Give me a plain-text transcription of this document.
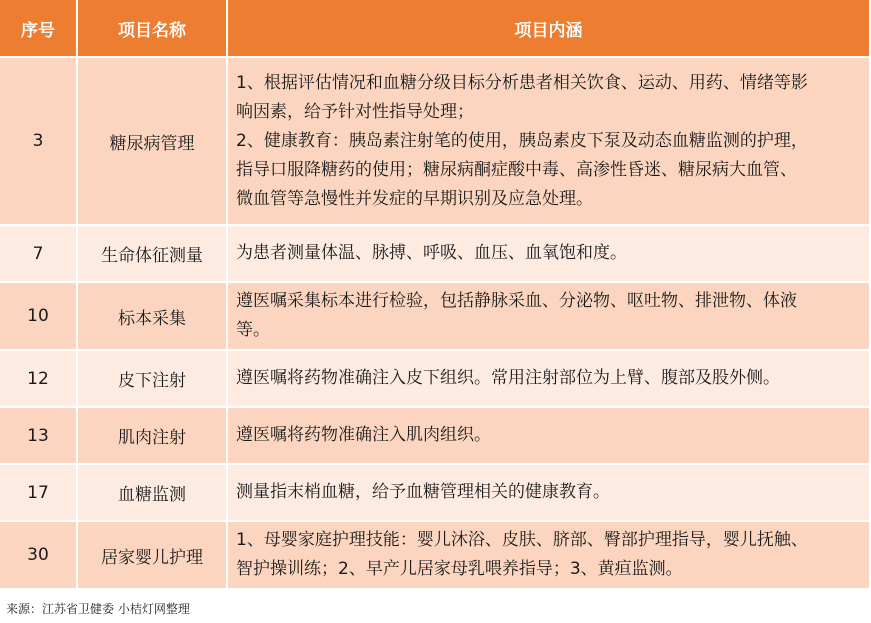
序号	项目名称	项目内涵
3	糖尿病管理	1、根据评估情况和血糖分级目标分析患者相关饮食、运动、用药、情绪等影
响因素，给予针对性指导处理；
2、健康教育：胰岛素注射笔的使用，胰岛素皮下泵及动态血糖监测的护理，
指导口服降糖药的使用；糖尿病酮症酸中毒、高渗性昏迷、糖尿病大血管、
微血管等急慢性并发症的早期识别及应急处理。

7	生命体征测量	为患者测量体温、脉搏、呼吸、血压、血氧饱和度。

10	标本采集	遵医嘱采集标本进行检验，包括静脉采血、分泌物、呕吐物、排泄物、体液
等。

12	皮下注射	遵医嘱将药物准确注入皮下组织。常用注射部位为上臂、腹部及股外侧。

13	肌肉注射	遵医嘱将药物准确注入肌肉组织。

17	血糖监测	测量指末梢血糖，给予血糖管理相关的健康教育。

30	居家婴儿护理	1、母婴家庭护理技能：婴儿沐浴、皮肤、脐部、臀部护理指导，婴儿抚触、
智护操训练；2、早产儿居家母乳喂养指导；3、黄疸监测。
来源：江苏省卫健委 小桔灯网整理
